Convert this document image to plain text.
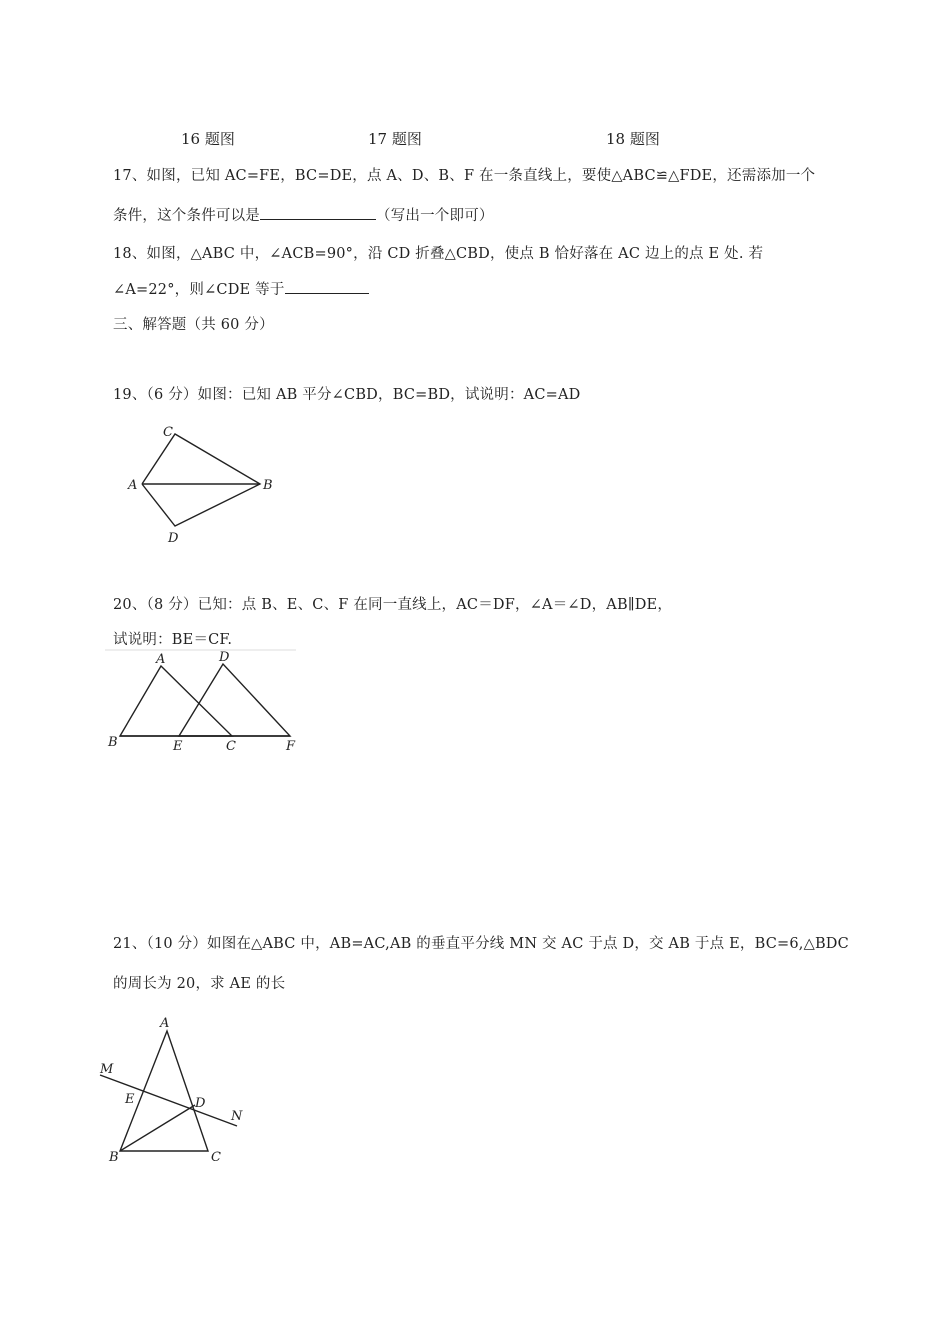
16 题图	17 题图	18 题图
17、如图，已知 AC=FE，BC=DE，点 A、D、B、F 在一条直线上，要使△ABC≌△FDE，还需添加一个
条件，这个条件可以是	（写出一个即可）
18、如图，△ABC 中，∠ACB=90°，沿 CD 折叠△CBD，使点 B 恰好落在 AC 边上的点 E 处. 若
∠A=22°，则∠CDE 等于
三、解答题（共 60 分）
19、（6 分）如图：已知 AB 平分∠CBD，BC=BD，试说明：AC=AD
C
A	B
D
20、（8 分）已知：点 B、E、C、F 在同一直线上，AC＝DF，∠A＝∠D，AB∥DE，
试说明：BE＝CF.
A	D
B	E	C	F
21、（10 分）如图在△ABC 中，AB=AC,AB 的垂直平分线 MN 交 AC 于点 D，交 AB 于点 E，BC=6,△BDC
的周长为 20，求 AE 的长
A
M
E	D
N
B	C
